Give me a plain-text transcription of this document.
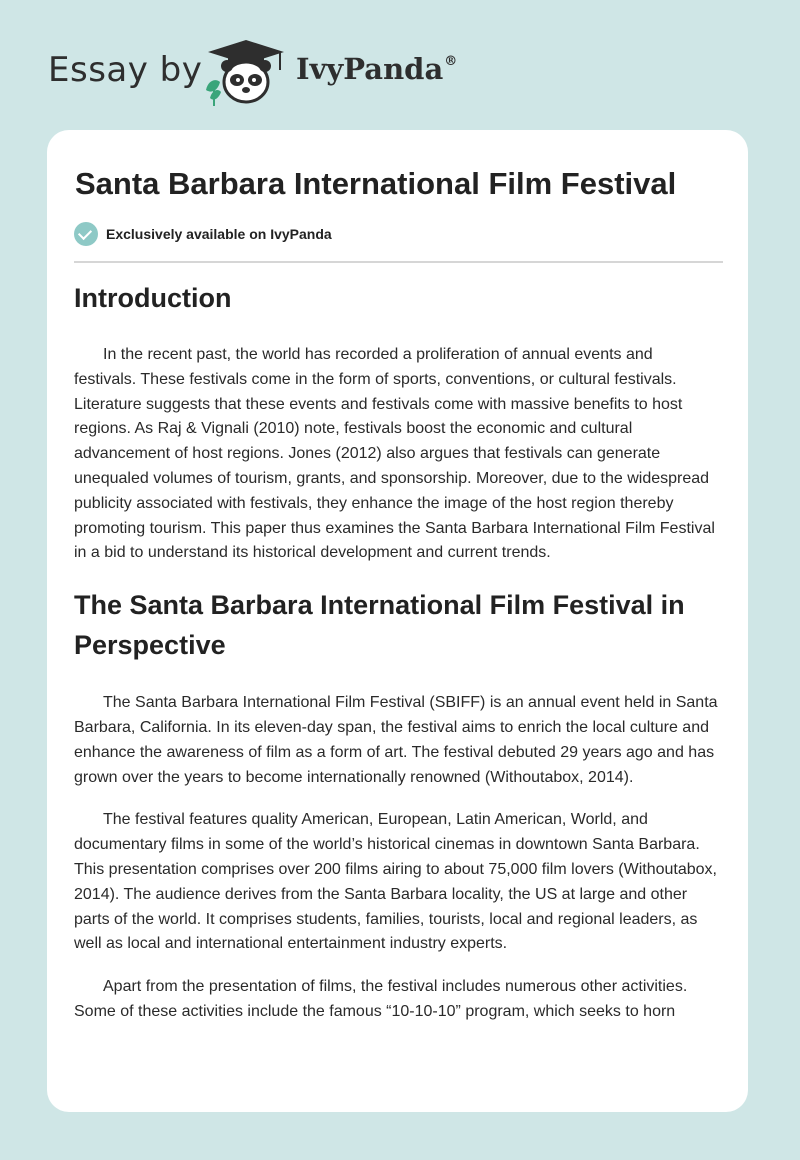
Essay by	IvyPanda®
Santa Barbara International Film Festival
Exclusively available on IvyPanda
Introduction

In the recent past, the world has recorded a proliferation of annual events and festivals. These festivals come in the form of sports, conventions, or cultural festivals. Literature suggests that these events and festivals come with massive benefits to host regions. As Raj & Vignali (2010) note, festivals boost the economic and cultural advancement of host regions. Jones (2012) also argues that festivals can generate unequaled volumes of tourism, grants, and sponsorship. Moreover, due to the widespread publicity associated with festivals, they enhance the image of the host region thereby promoting tourism. This paper thus examines the Santa Barbara International Film Festival in a bid to understand its historical development and current trends.

The Santa Barbara International Film Festival in Perspective

The Santa Barbara International Film Festival (SBIFF) is an annual event held in Santa Barbara, California. In its eleven-day span, the festival aims to enrich the local culture and enhance the awareness of film as a form of art. The festival debuted 29 years ago and has grown over the years to become internationally renowned (Withoutabox, 2014).

The festival features quality American, European, Latin American, World, and documentary films in some of the world’s historical cinemas in downtown Santa Barbara. This presentation comprises over 200 films airing to about 75,000 film lovers (Withoutabox, 2014). The audience derives from the Santa Barbara locality, the US at large and other parts of the world. It comprises students, families, tourists, local and regional leaders, as well as local and international entertainment industry experts.

Apart from the presentation of films, the festival includes numerous other activities. Some of these activities include the famous “10-10-10” program, which seeks to horn
